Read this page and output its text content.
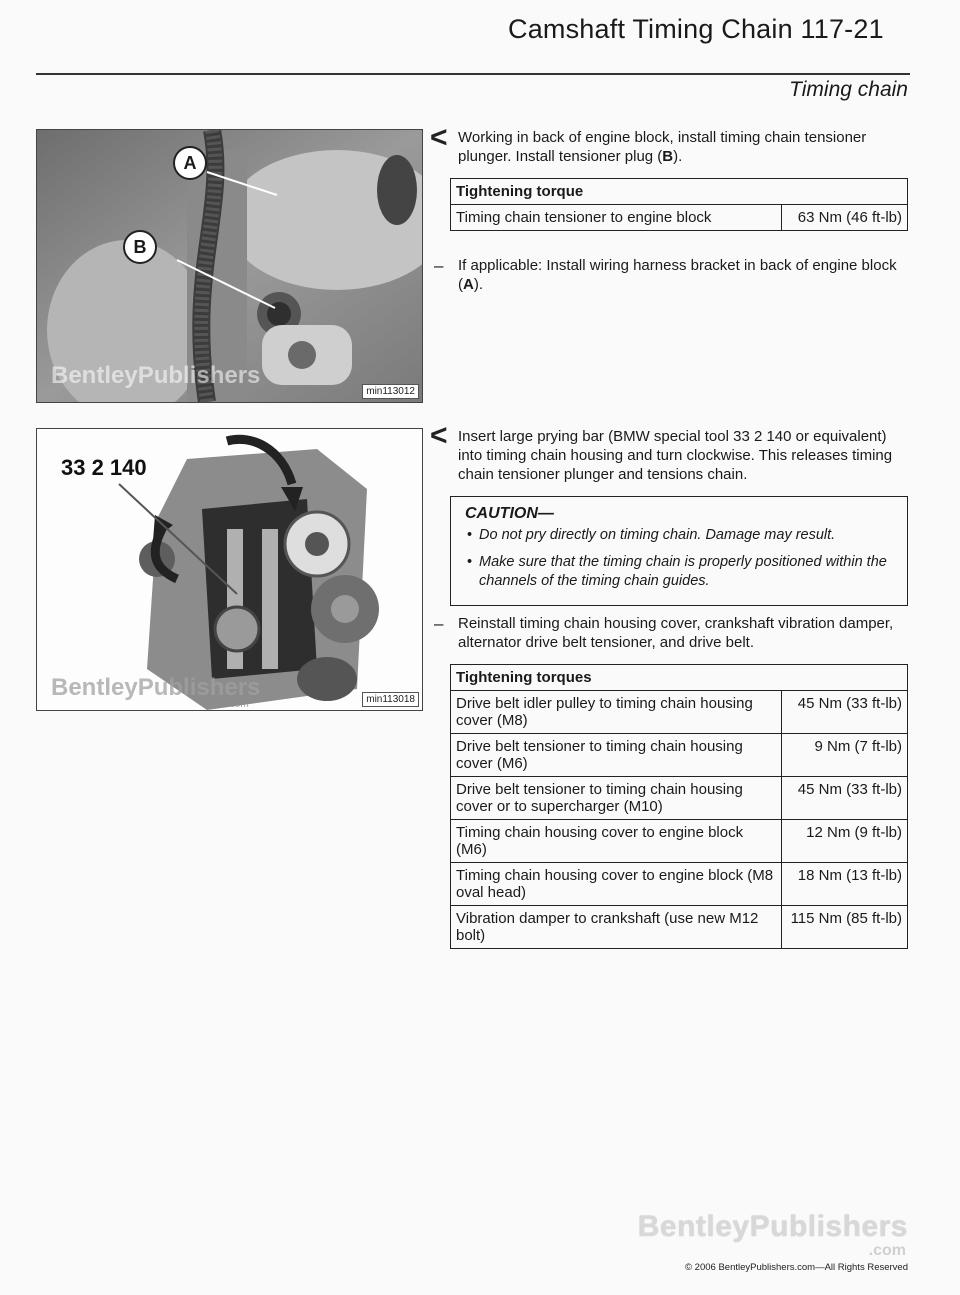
Camshaft Timing Chain 117-21
Timing chain
A
B
BentleyPublishers
min113012
33 2 140
BentleyPublishers
.com	min113018
< Working in back of engine block, install timing chain tensioner plunger. Install tensioner plug (B).
Tightening torque
Timing chain tensioner to engine block	63 Nm (46 ft-lb)
– If applicable: Install wiring harness bracket in back of engine block (A).
< Insert large prying bar (BMW special tool 33 2 140 or equivalent) into timing chain housing and turn clockwise. This releases timing chain tensioner plunger and tensions chain.
CAUTION—
• Do not pry directly on timing chain. Damage may result.
• Make sure that the timing chain is properly positioned within the channels of the timing chain guides.
– Reinstall timing chain housing cover, crankshaft vibration damper, alternator drive belt tensioner, and drive belt.
Tightening torques	
Drive belt idler pulley to timing chain housing cover (M8)	45 Nm (33 ft-lb)
Drive belt tensioner to timing chain housing cover (M6)	9 Nm (7 ft-lb)
Drive belt tensioner to timing chain housing cover or to supercharger (M10)	45 Nm (33 ft-lb)
Timing chain housing cover to engine block (M6)	12 Nm (9 ft-lb)
Timing chain housing cover to engine block (M8 oval head)	18 Nm (13 ft-lb)
Vibration damper to crankshaft (use new M12 bolt)	115 Nm (85 ft-lb)
BentleyPublishers
.com
© 2006 BentleyPublishers.com—All Rights Reserved
